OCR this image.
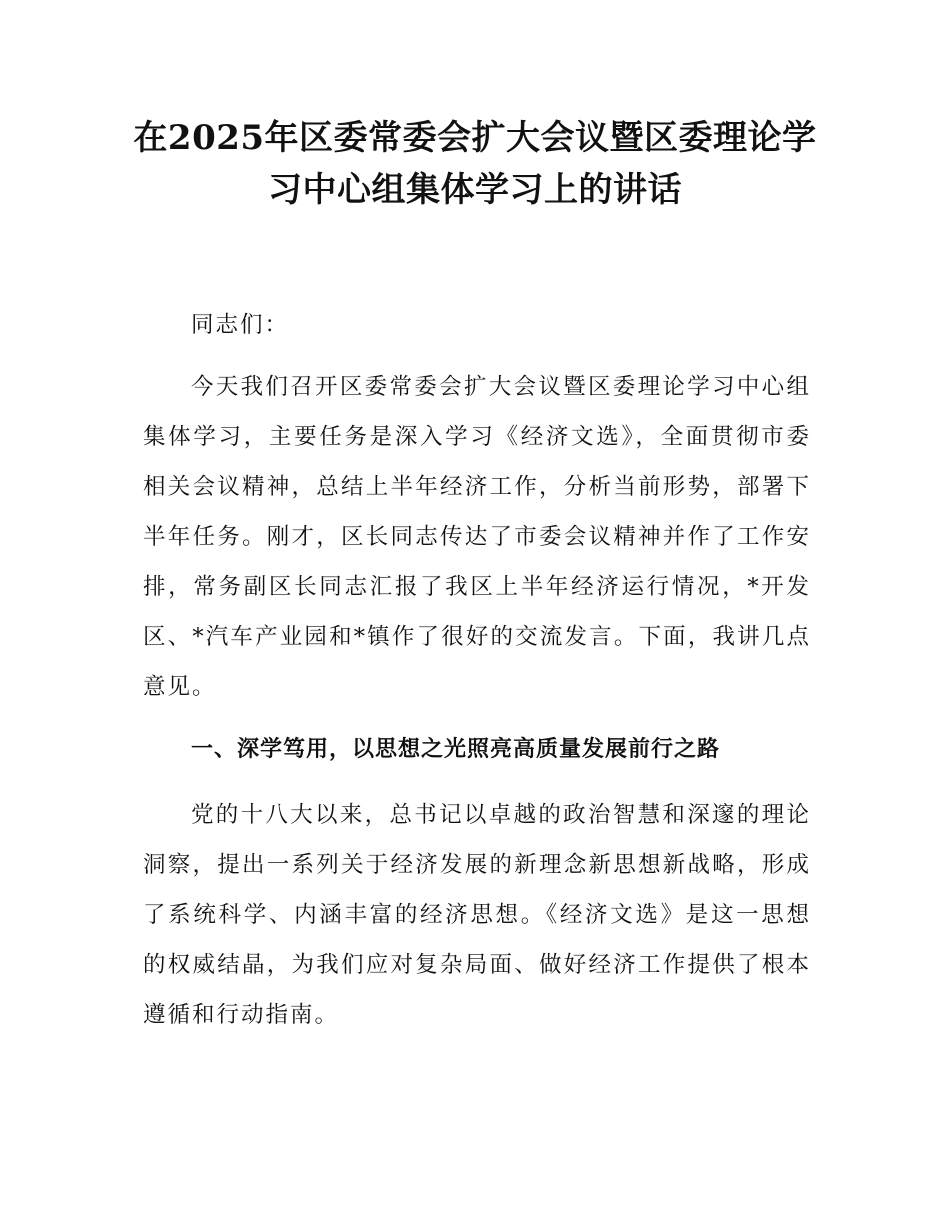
在2025年区委常委会扩大会议暨区委理论学习中心组集体学习上的讲话

同志们：

今天我们召开区委常委会扩大会议暨区委理论学习中心组集体学习，主要任务是深入学习《经济文选》，全面贯彻市委相关会议精神，总结上半年经济工作，分析当前形势，部署下半年任务。刚才，区长同志传达了市委会议精神并作了工作安排，常务副区长同志汇报了我区上半年经济运行情况，*开发区、*汽车产业园和*镇作了很好的交流发言。下面，我讲几点意见。

一、深学笃用，以思想之光照亮高质量发展前行之路

党的十八大以来，总书记以卓越的政治智慧和深邃的理论洞察，提出一系列关于经济发展的新理念新思想新战略，形成了系统科学、内涵丰富的经济思想。《经济文选》是这一思想的权威结晶，为我们应对复杂局面、做好经济工作提供了根本遵循和行动指南。
